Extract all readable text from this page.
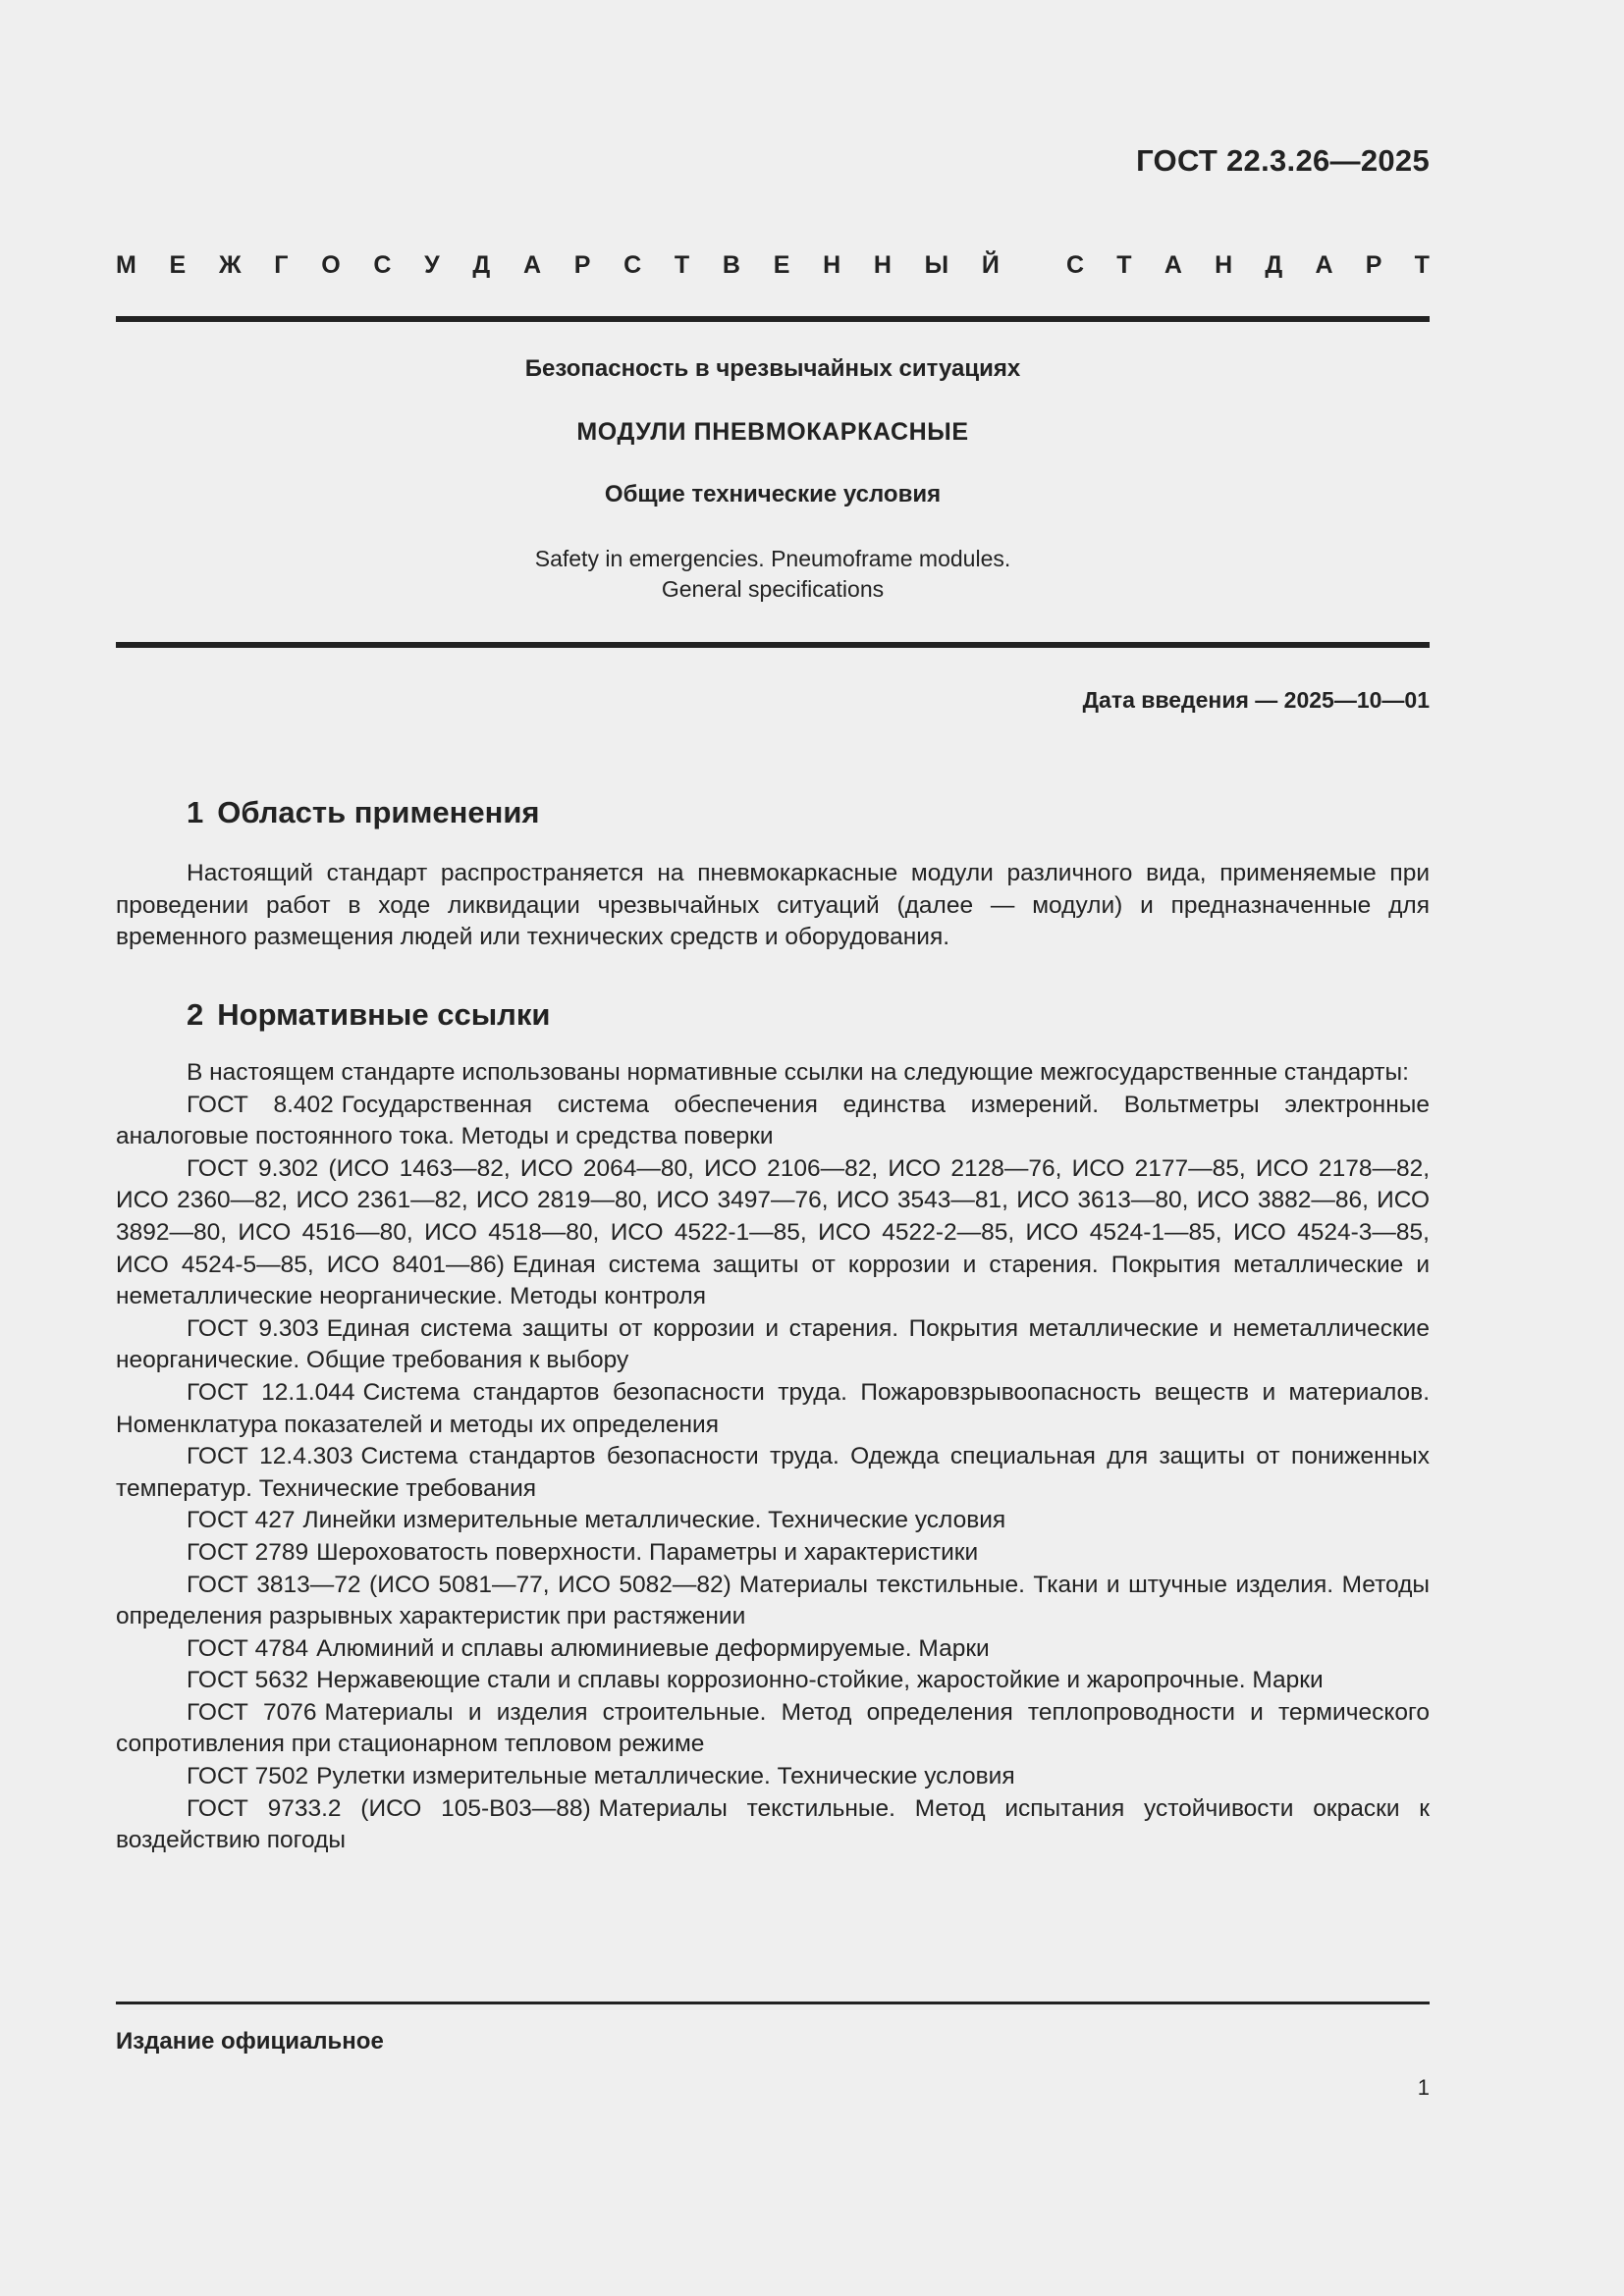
ГОСТ 22.3.26—2025
М Е Ж Г О С У Д А Р С Т В Е Н Н Ы Й	С Т А Н Д А Р Т
Безопасность в чрезвычайных ситуациях
МОДУЛИ ПНЕВМОКАРКАСНЫЕ
Общие технические условия
Safety in emergencies. Pneumoframe modules.
General specifications
Дата введения — 2025—10—01
1 Область применения

Настоящий стандарт распространяется на пневмокаркасные модули различного вида, применяемые при проведении работ в ходе ликвидации чрезвычайных ситуаций (далее — модули) и предназначенные для временного размещения людей или технических средств и оборудования.

2 Нормативные ссылки

В настоящем стандарте использованы нормативные ссылки на следующие межгосударственные стандарты:

ГОСТ 8.402 Государственная система обеспечения единства измерений. Вольтметры электронные аналоговые постоянного тока. Методы и средства поверки

ГОСТ 9.302 (ИСО 1463—82, ИСО 2064—80, ИСО 2106—82, ИСО 2128—76, ИСО 2177—85, ИСО 2178—82, ИСО 2360—82, ИСО 2361—82, ИСО 2819—80, ИСО 3497—76, ИСО 3543—81, ИСО 3613—80, ИСО 3882—86, ИСО 3892—80, ИСО 4516—80, ИСО 4518—80, ИСО 4522-1—85, ИСО 4522-2—85, ИСО 4524-1—85, ИСО 4524-3—85, ИСО 4524-5—85, ИСО 8401—86) Единая система защиты от коррозии и старения. Покрытия металлические и неметаллические неорганические. Методы контроля

ГОСТ 9.303 Единая система защиты от коррозии и старения. Покрытия металлические и неметаллические неорганические. Общие требования к выбору

ГОСТ 12.1.044 Система стандартов безопасности труда. Пожаровзрывоопасность веществ и материалов. Номенклатура показателей и методы их определения

ГОСТ 12.4.303 Система стандартов безопасности труда. Одежда специальная для защиты от пониженных температур. Технические требования

ГОСТ 427 Линейки измерительные металлические. Технические условия

ГОСТ 2789 Шероховатость поверхности. Параметры и характеристики

ГОСТ 3813—72 (ИСО 5081—77, ИСО 5082—82) Материалы текстильные. Ткани и штучные изделия. Методы определения разрывных характеристик при растяжении

ГОСТ 4784 Алюминий и сплавы алюминиевые деформируемые. Марки

ГОСТ 5632 Нержавеющие стали и сплавы коррозионно-стойкие, жаростойкие и жаропрочные. Марки

ГОСТ 7076 Материалы и изделия строительные. Метод определения теплопроводности и термического сопротивления при стационарном тепловом режиме

ГОСТ 7502 Рулетки измерительные металлические. Технические условия

ГОСТ 9733.2 (ИСО 105-В03—88) Материалы текстильные. Метод испытания устойчивости окраски к воздействию погоды

Издание официальное
1
